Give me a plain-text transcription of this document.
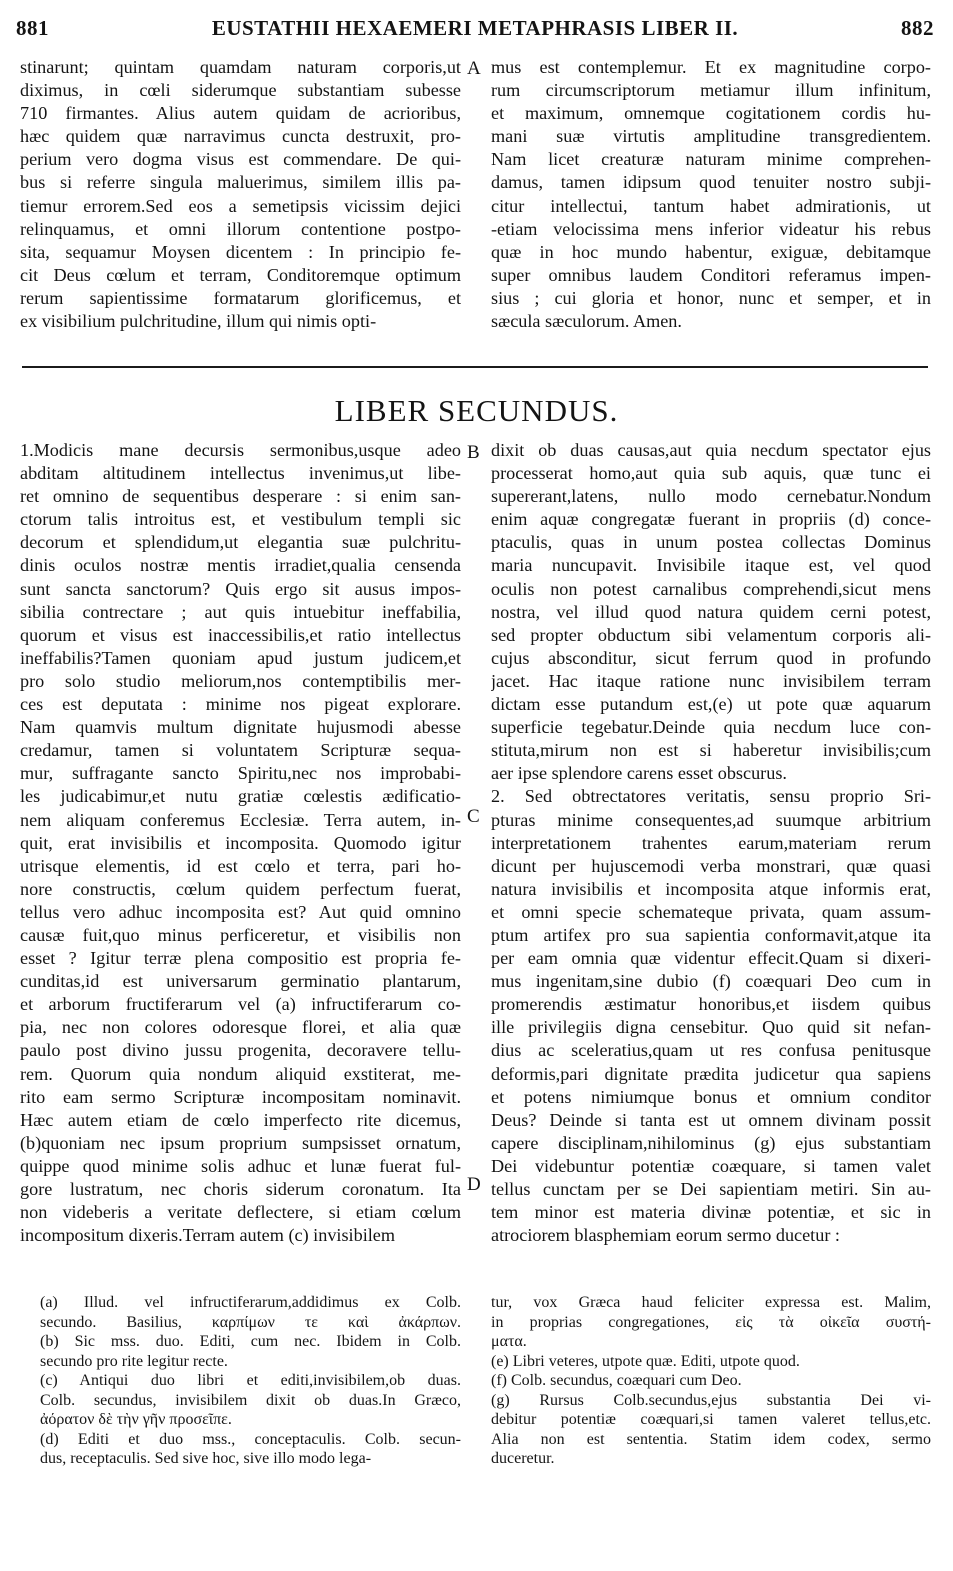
881	EUSTATHII HEXAEMERI METAPHRASIS LIBER II.	882
stinarunt; quintam quamdam naturam corporis,ut
diximus, in cœli siderumque substantiam subesse
710 firmantes. Alius autem quidam de acrioribus,
hæc quidem quæ narravimus cuncta destruxit, pro-
perium vero dogma visus est commendare. De qui-
bus si referre singula maluerimus, similem illis pa-
tiemur errorem.Sed eos a semetipsis vicissim dejici
relinquamus, et omni illorum contentione postpo-
sita, sequamur Moysen dicentem : In principio fe-
cit Deus cœlum et terram, Conditoremque optimum
rerum sapientissime formatarum glorificemus, et
ex visibilium pulchritudine, illum qui nimis opti-
mus est contemplemur. Et ex magnitudine corpo-
rum circumscriptorum metiamur illum infinitum,
et maximum, omnemque cogitationem cordis hu-
mani suæ virtutis amplitudine transgredientem.
Nam licet creaturæ naturam minime comprehen-
damus, tamen idipsum quod tenuiter nostro subji-
citur intellectui, tantum habet admirationis, ut
-etiam velocissima mens inferior videatur his rebus
quæ in hoc mundo habentur, exiguæ, debitamque
super omnibus laudem Conditori referamus impen-
sius ; cui gloria et honor, nunc et semper, et in
sæcula sæculorum. Amen.
A
LIBER SECUNDUS.
1.Modicis mane decursis sermonibus,usque adeo
abditam altitudinem intellectus invenimus,ut libe-
ret omnino de sequentibus desperare : si enim san-
ctorum talis introitus est, et vestibulum templi sic
decorum et splendidum,ut elegantia suæ pulchritu-
dinis oculos nostræ mentis irradiet,qualia censenda
sunt sancta sanctorum? Quis ergo sit ausus impos-
sibilia contrectare ; aut quis intuebitur ineffabilia,
quorum et visus est inaccessibilis,et ratio intellectus
ineffabilis?Tamen quoniam apud justum judicem,et
pro solo studio meliorum,nos contemptibilis mer-
ces est deputata : minime nos pigeat explorare.
Nam quamvis multum dignitate hujusmodi abesse
credamur, tamen si voluntatem Scripturæ sequa-
mur, suffragante sancto Spiritu,nec nos improbabi-
les judicabimur,et nutu gratiæ cœlestis ædificatio-
nem aliquam conferemus Ecclesiæ. Terra autem, in-
quit, erat invisibilis et incomposita. Quomodo igitur
utrisque elementis, id est cœlo et terra, pari ho-
nore constructis, cœlum quidem perfectum fuerat,
tellus vero adhuc incomposita est? Aut quid omnino
causæ fuit,quo minus perficeretur, et visibilis non
esset ? Igitur terræ plena compositio est propria fe-
cunditas,id est universarum germinatio plantarum,
et arborum fructiferarum vel (a) infructiferarum co-
pia, nec non colores odoresque florei, et alia quæ
paulo post divino jussu progenita, decoravere tellu-
rem. Quorum quia nondum aliquid exstiterat, me-
rito eam sermo Scripturæ incompositam nominavit.
Hæc autem etiam de cœlo imperfecto rite dicemus,
(b)quoniam nec ipsum proprium sumpsisset ornatum,
quippe quod minime solis adhuc et lunæ fuerat ful-
gore lustratum, nec choris siderum coronatum. Ita
non videberis a veritate deflectere, si etiam cœlum
incompositum dixeris.Terram autem (c) invisibilem
dixit ob duas causas,aut quia necdum spectator ejus
processerat homo,aut quia sub aquis, quæ tunc ei
supererant,latens, nullo modo cernebatur.Nondum
enim aquæ congregatæ fuerant in propriis (d) conce-
ptaculis, quas in unum postea collectas Dominus
maria nuncupavit. Invisibile itaque est, vel quod
oculis non potest carnalibus comprehendi,sicut mens
nostra, vel illud quod natura quidem cerni potest,
sed propter obductum sibi velamentum corporis ali-
cujus absconditur, sicut ferrum quod in profundo
jacet. Hac itaque ratione nunc invisibilem terram
dictam esse putandum est,(e) ut pote quæ aquarum
superficie tegebatur.Deinde quia necdum luce con-
stituta,mirum non est si haberetur invisibilis;cum
aer ipse splendore carens esset obscurus.
2. Sed obtrectatores veritatis, sensu proprio Sri-
pturas minime consequentes,ad suumque arbitrium
interpretationem trahentes earum,materiam rerum
dicunt per hujuscemodi verba monstrari, quæ quasi
natura invisibilis et incomposita atque informis erat,
et omni specie schemateque privata, quam assum-
ptum artifex pro sua sapientia conformavit,atque ita
per eam omnia quæ videntur effecit.Quam si dixeri-
mus ingenitam,sine dubio (f) coæquari Deo cum in
promerendis æstimatur honoribus,et iisdem quibus
ille privilegiis digna censebitur. Quo quid sit nefan-
dius ac sceleratius,quam ut res confusa penitusque
deformis,pari dignitate prædita judicetur qua sapiens
et potens nimiumque bonus et omnium conditor
Deus? Deinde si tanta est ut omnem divinam possit
capere disciplinam,nihilominus (g) ejus substantiam
Dei videbuntur potentiæ coæquare, si tamen valet
tellus cunctam per se Dei sapientiam metiri. Sin au-
tem minor est materia divinæ potentiæ, et sic in
atrociorem blasphemiam eorum sermo ducetur :
B
C
D
(a) Illud. vel infructiferarum,addidimus ex Colb.
secundo. Basilius, καρπίμων τε καὶ ἀκάρπων.
(b) Sic mss. duo. Editi, cum nec. Ibidem in Colb.
secundo pro rite legitur recte.
(c) Antiqui duo libri et editi,invisibilem,ob duas.
Colb. secundus, invisibilem dixit ob duas.In Græco,
ἀόρατον δὲ τὴν γῆν προσεῖπε.
(d) Editi et duo mss., conceptaculis. Colb. secun-
dus, receptaculis. Sed sive hoc, sive illo modo lega-
tur, vox Græca haud feliciter expressa est. Malim,
in proprias congregationes, εἰς τὰ οἰκεῖα συστή-
ματα.
(e) Libri veteres, utpote quæ. Editi, utpote quod.
(f) Colb. secundus, coæquari cum Deo.
(g) Rursus Colb.secundus,ejus substantia Dei vi-
debitur potentiæ coæquari,si tamen valeret tellus,etc.
Alia non est sententia. Statim idem codex, sermo
duceretur.
